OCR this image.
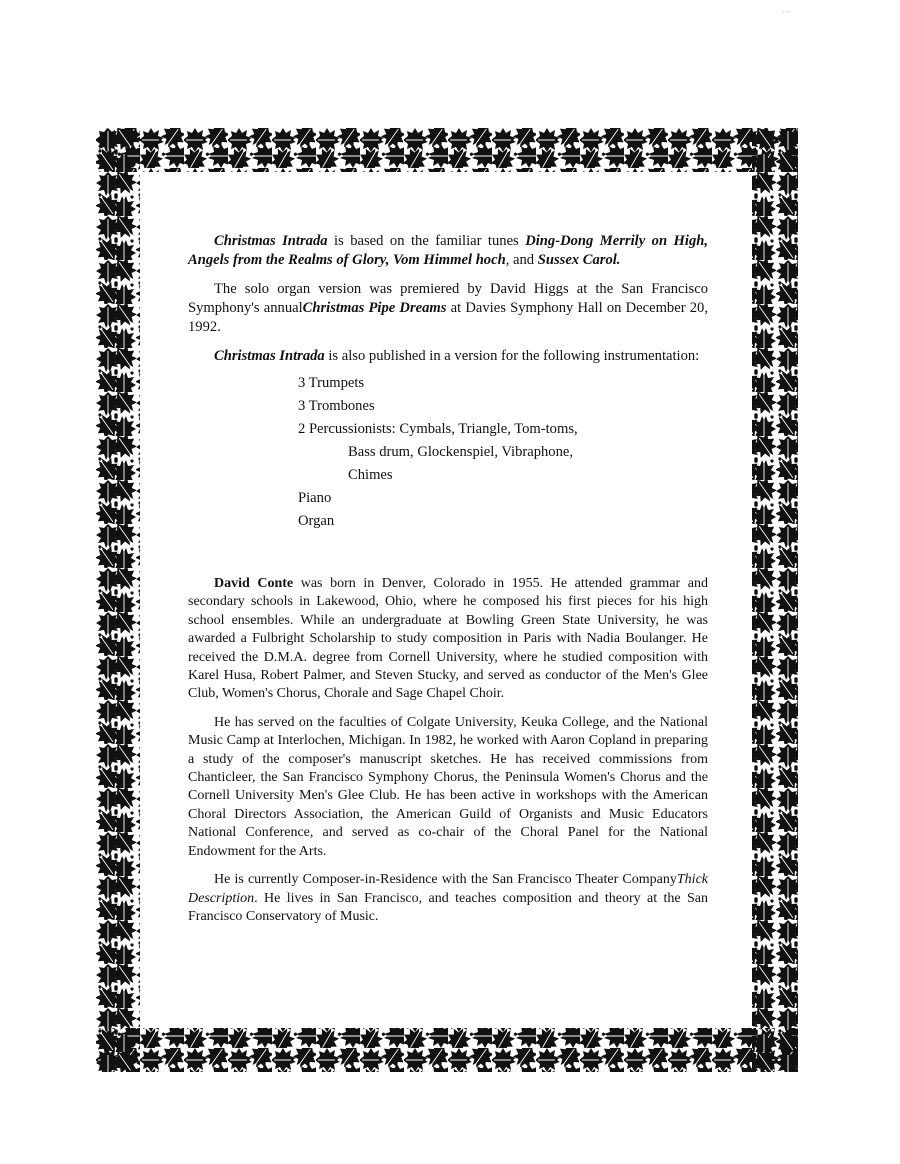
- -

Christmas Intrada is based on the familiar tunes Ding-Dong Merrily on High, Angels from the Realms of Glory, Vom Himmel hoch, and Sussex Carol.

The solo organ version was premiered by David Higgs at the San Francisco Symphony's annualChristmas Pipe Dreams at Davies Symphony Hall on December 20, 1992.

Christmas Intrada is also published in a version for the following instrumentation:

3 Trumpets
3 Trombones
2 Percussionists: Cymbals, Triangle, Tom-toms,
Bass drum, Glockenspiel, Vibraphone,
Chimes
Piano
Organ

David Conte was born in Denver, Colorado in 1955. He attended grammar and secondary schools in Lakewood, Ohio, where he composed his first pieces for his high school ensembles. While an undergraduate at Bowling Green State University, he was awarded a Fulbright Scholarship to study composition in Paris with Nadia Boulanger. He received the D.M.A. degree from Cornell University, where he studied composition with Karel Husa, Robert Palmer, and Steven Stucky, and served as conductor of the Men's Glee Club, Women's Chorus, Chorale and Sage Chapel Choir.

He has served on the faculties of Colgate University, Keuka College, and the National Music Camp at Interlochen, Michigan. In 1982, he worked with Aaron Copland in preparing a study of the composer's manuscript sketches. He has received commissions from Chanticleer, the San Francisco Symphony Chorus, the Peninsula Women's Chorus and the Cornell University Men's Glee Club. He has been active in workshops with the American Choral Directors Association, the American Guild of Organists and Music Educators National Conference, and served as co-chair of the Choral Panel for the National Endowment for the Arts.

He is currently Composer-in-Residence with the San Francisco Theater CompanyThick Description. He lives in San Francisco, and teaches composition and theory at the San Francisco Conservatory of Music.
